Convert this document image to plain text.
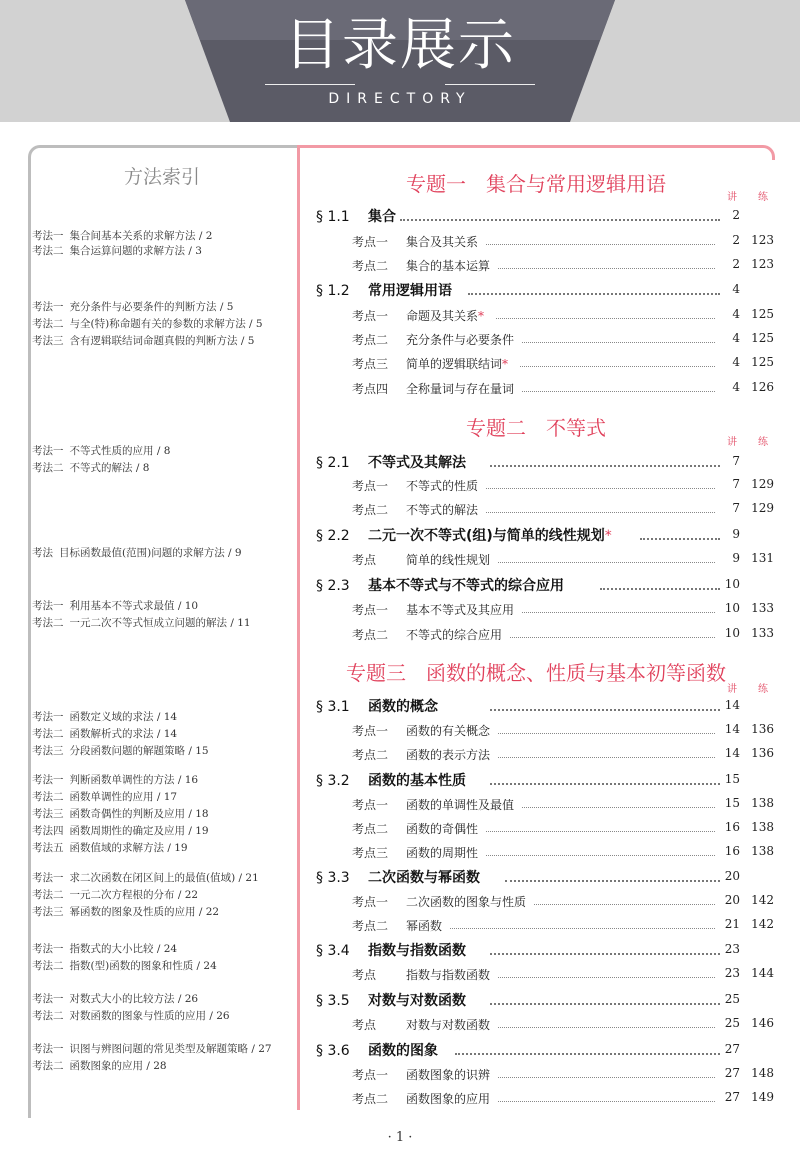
目录展示
DIRECTORY
方法索引
考法一 集合间基本关系的求解方法 / 2
考法二 集合运算问题的求解方法 / 3
考法一 充分条件与必要条件的判断方法 / 5
考法二 与全(特)称命题有关的参数的求解方法 / 5
考法三 含有逻辑联结词命题真假的判断方法 / 5
考法一 不等式性质的应用 / 8
考法二 不等式的解法 / 8
考法 目标函数最值(范围)问题的求解方法 / 9
考法一 利用基本不等式求最值 / 10
考法二 一元二次不等式恒成立问题的解法 / 11
考法一 函数定义域的求法 / 14
考法二 函数解析式的求法 / 14
考法三 分段函数问题的解题策略 / 15
考法一 判断函数单调性的方法 / 16
考法二 函数单调性的应用 / 17
考法三 函数奇偶性的判断及应用 / 18
考法四 函数周期性的确定及应用 / 19
考法五 函数值域的求解方法 / 19
考法一 求二次函数在闭区间上的最值(值域) / 21
考法二 一元二次方程根的分布 / 22
考法三 幂函数的图象及性质的应用 / 22
考法一 指数式的大小比较 / 24
考法二 指数(型)函数的图象和性质 / 24
考法一 对数式大小的比较方法 / 26
考法二 对数函数的图象与性质的应用 / 26
考法一 识图与辨图问题的常见类型及解题策略 / 27
考法二 函数图象的应用 / 28
专题一　集合与常用逻辑用语
专题二　不等式
专题三　函数的概念、性质与基本初等函数
讲 练
讲 练
讲 练
§ 1.1 集合	2
§ 1.2 常用逻辑用语	4
§ 2.1 不等式及其解法	7
§ 2.2 二元一次不等式(组)与简单的线性规划*	9
§ 2.3 基本不等式与不等式的综合应用	10
§ 3.1 函数的概念	14
§ 3.2 函数的基本性质	15
§ 3.3 二次函数与幂函数	20
§ 3.4 指数与指数函数	23
§ 3.5 对数与对数函数	25
§ 3.6 函数的图象	27
考点一 集合及其关系	2 123
考点二 集合的基本运算	2 123
考点一 命题及其关系*	4 125
考点二 充分条件与必要条件	4 125
考点三 简单的逻辑联结词*	4 125
考点四 全称量词与存在量词	4 126
考点一 不等式的性质	7 129
考点二 不等式的解法	7 129
考点 简单的线性规划	9 131
考点一 基本不等式及其应用	10 133
考点二 不等式的综合应用	10 133
考点一 函数的有关概念	14 136
考点二 函数的表示方法	14 136
考点一 函数的单调性及最值	15 138
考点二 函数的奇偶性	16 138
考点三 函数的周期性	16 138
考点一 二次函数的图象与性质	20 142
考点二 幂函数	21 142
考点 指数与指数函数	23 144
考点 对数与对数函数	25 146
考点一 函数图象的识辨	27 148
考点二 函数图象的应用	27 149
· 1 ·
